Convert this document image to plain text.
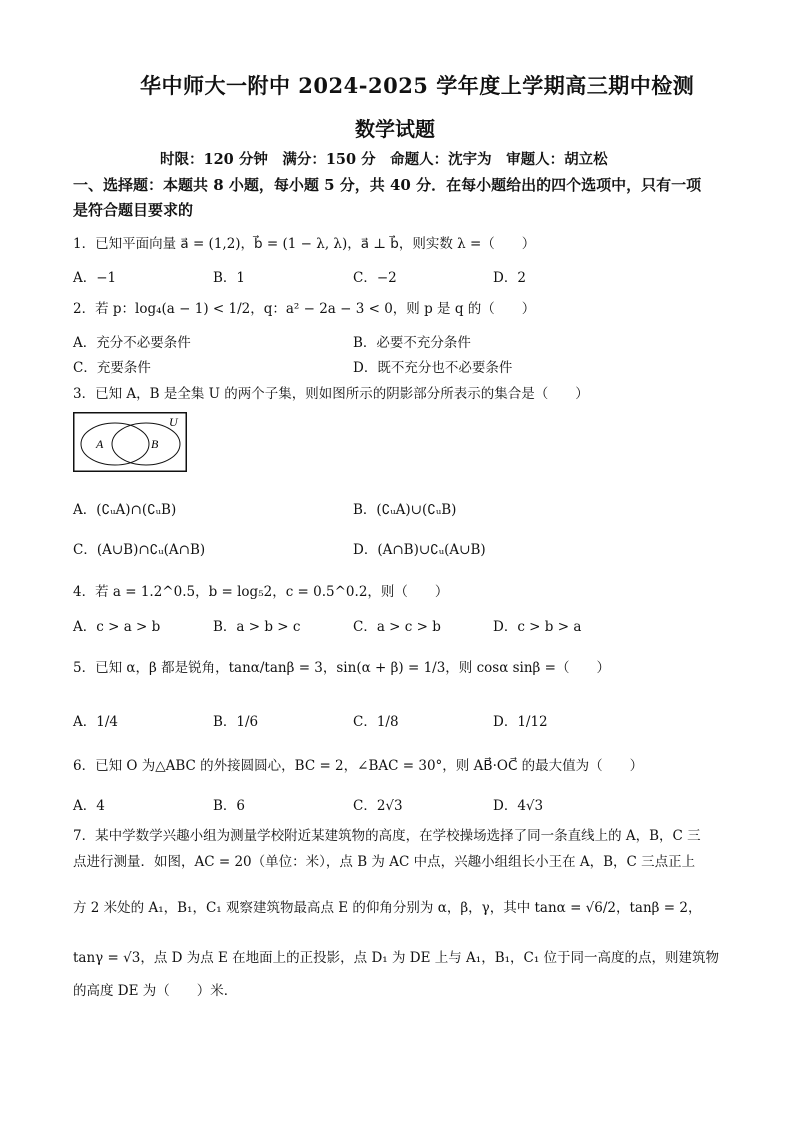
华中师大一附中 2024-2025 学年度上学期高三期中检测
数学试题
时限：120 分钟　满分：150 分　命题人：沈宇为　审题人：胡立松
一、选择题：本题共 8 小题，每小题 5 分，共 40 分．在每小题给出的四个选项中，只有一项
是符合题目要求的
1．已知平面向量 a⃗ = (1,2)，b⃗ = (1 − λ, λ)，a⃗ ⊥ b⃗，则实数 λ =（　　）
A．−1	B．1	C．−2	D．2
2．若 p：log₄(a − 1) < 1/2，q：a² − 2a − 3 < 0，则 p 是 q 的（　　）
A．充分不必要条件	B．必要不充分条件
C．充要条件	D．既不充分也不必要条件
3．已知 A，B 是全集 U 的两个子集，则如图所示的阴影部分所表示的集合是（　　）
A	B
U
A．(∁ᵤA)∩(∁ᵤB)	B．(∁ᵤA)∪(∁ᵤB)
C．(A∪B)∩∁ᵤ(A∩B)	D．(A∩B)∪∁ᵤ(A∪B)
4．若 a = 1.2^0.5，b = log₅2，c = 0.5^0.2，则（　　）
A．c > a > b	B．a > b > c	C．a > c > b	D．c > b > a
5．已知 α，β 都是锐角，tanα/tanβ = 3，sin(α + β) = 1/3，则 cosα sinβ =（　　）
A．1/4	B．1/6	C．1/8	D．1/12
6．已知 O 为△ABC 的外接圆圆心，BC = 2，∠BAC = 30°，则 AB⃗·OC⃗ 的最大值为（　　）
A．4	B．6	C．2√3	D．4√3
7．某中学数学兴趣小组为测量学校附近某建筑物的高度，在学校操场选择了同一条直线上的 A，B，C 三
点进行测量．如图，AC = 20（单位：米），点 B 为 AC 中点，兴趣小组组长小王在 A，B，C 三点正上
方 2 米处的 A₁，B₁，C₁ 观察建筑物最高点 E 的仰角分别为 α，β，γ，其中 tanα = √6/2，tanβ = 2，
tanγ = √3，点 D 为点 E 在地面上的正投影，点 D₁ 为 DE 上与 A₁，B₁，C₁ 位于同一高度的点，则建筑物
的高度 DE 为（　　）米．
